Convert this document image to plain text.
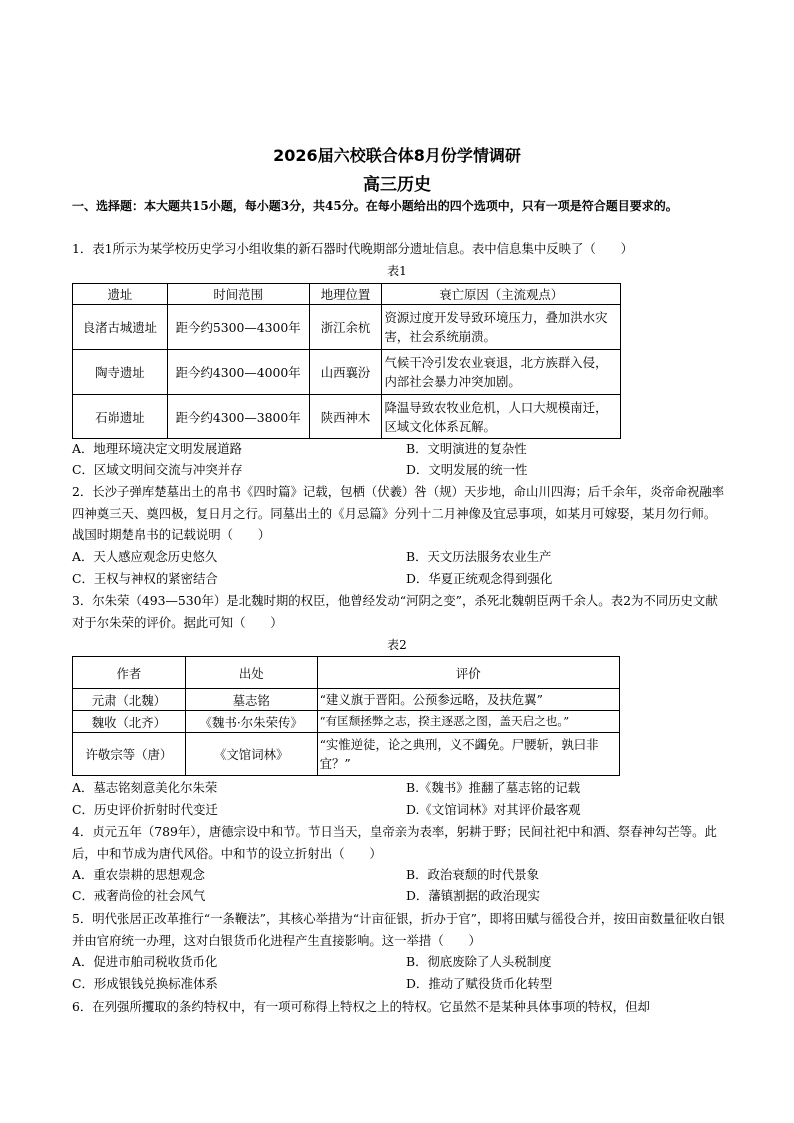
2026届六校联合体8月份学情调研
高三历史
一、选择题：本大题共15小题，每小题3分，共45分。在每小题给出的四个选项中，只有一项是符合题目要求的。
1．表1所示为某学校历史学习小组收集的新石器时代晚期部分遗址信息。表中信息集中反映了（　　）
表1
遗址	时间范围	地理位置	衰亡原因（主流观点）
良渚古城遗址	距今约5300—4300年	浙江余杭	资源过度开发导致环境压力，叠加洪水灾害，社会系统崩溃。
陶寺遗址	距今约4300—4000年	山西襄汾	气候干冷引发农业衰退，北方族群入侵，内部社会暴力冲突加剧。
石峁遗址	距今约4300—3800年	陕西神木	降温导致农牧业危机，人口大规模南迁，区域文化体系瓦解。
A．地理环境决定文明发展道路	B．文明演进的复杂性
C．区域文明间交流与冲突并存	D．文明发展的统一性
2．长沙子弹库楚墓出土的帛书《四时篇》记载，包栖（伏羲）咎（规）天步地，命山川四海；后千余年，炎帝命祝融率四神奠三天、奠四极，复日月之行。同墓出土的《月忌篇》分列十二月神像及宜忌事项，如某月可嫁娶，某月勿行师。战国时期楚帛书的记载说明（　　）
A．天人感应观念历史悠久	B．天文历法服务农业生产
C．王权与神权的紧密结合	D．华夏正统观念得到强化
3．尔朱荣（493—530年）是北魏时期的权臣，他曾经发动“河阴之变”，杀死北魏朝臣两千余人。表2为不同历史文献对于尔朱荣的评价。据此可知（　　）
表2
作者	出处	评价
元肃（北魏）	墓志铭	“建义旗于晋阳。公预参远略，及扶危翼”
魏收（北齐）	《魏书·尔朱荣传》	“有匡颓拯弊之志，揆主逐恶之图，盖天启之也。”
许敬宗等（唐）	《文馆词林》	“实惟逆徒，论之典刑，义不蠲免。尸腰斩，孰曰非宜？”
A．墓志铭刻意美化尔朱荣	B.《魏书》推翻了墓志铭的记载
C．历史评价折射时代变迁	D.《文馆词林》对其评价最客观
4．贞元五年（789年），唐德宗设中和节。节日当天，皇帝亲为表率，躬耕于野；民间社祀中和酒、祭春神勾芒等。此后，中和节成为唐代风俗。中和节的设立折射出（　　）
A．重农崇耕的思想观念	B．政治衰颓的时代景象
C．戒奢尚俭的社会风气	D．藩镇割据的政治现实
5．明代张居正改革推行“一条鞭法”，其核心举措为“计亩征银，折办于官”，即将田赋与徭役合并，按田亩数量征收白银并由官府统一办理，这对白银货币化进程产生直接影响。这一举措（　　）
A．促进市舶司税收货币化	B．彻底废除了人头税制度
C．形成银钱兑换标准体系	D．推动了赋役货币化转型
6．在列强所攫取的条约特权中，有一项可称得上特权之上的特权。它虽然不是某种具体事项的特权，但却
